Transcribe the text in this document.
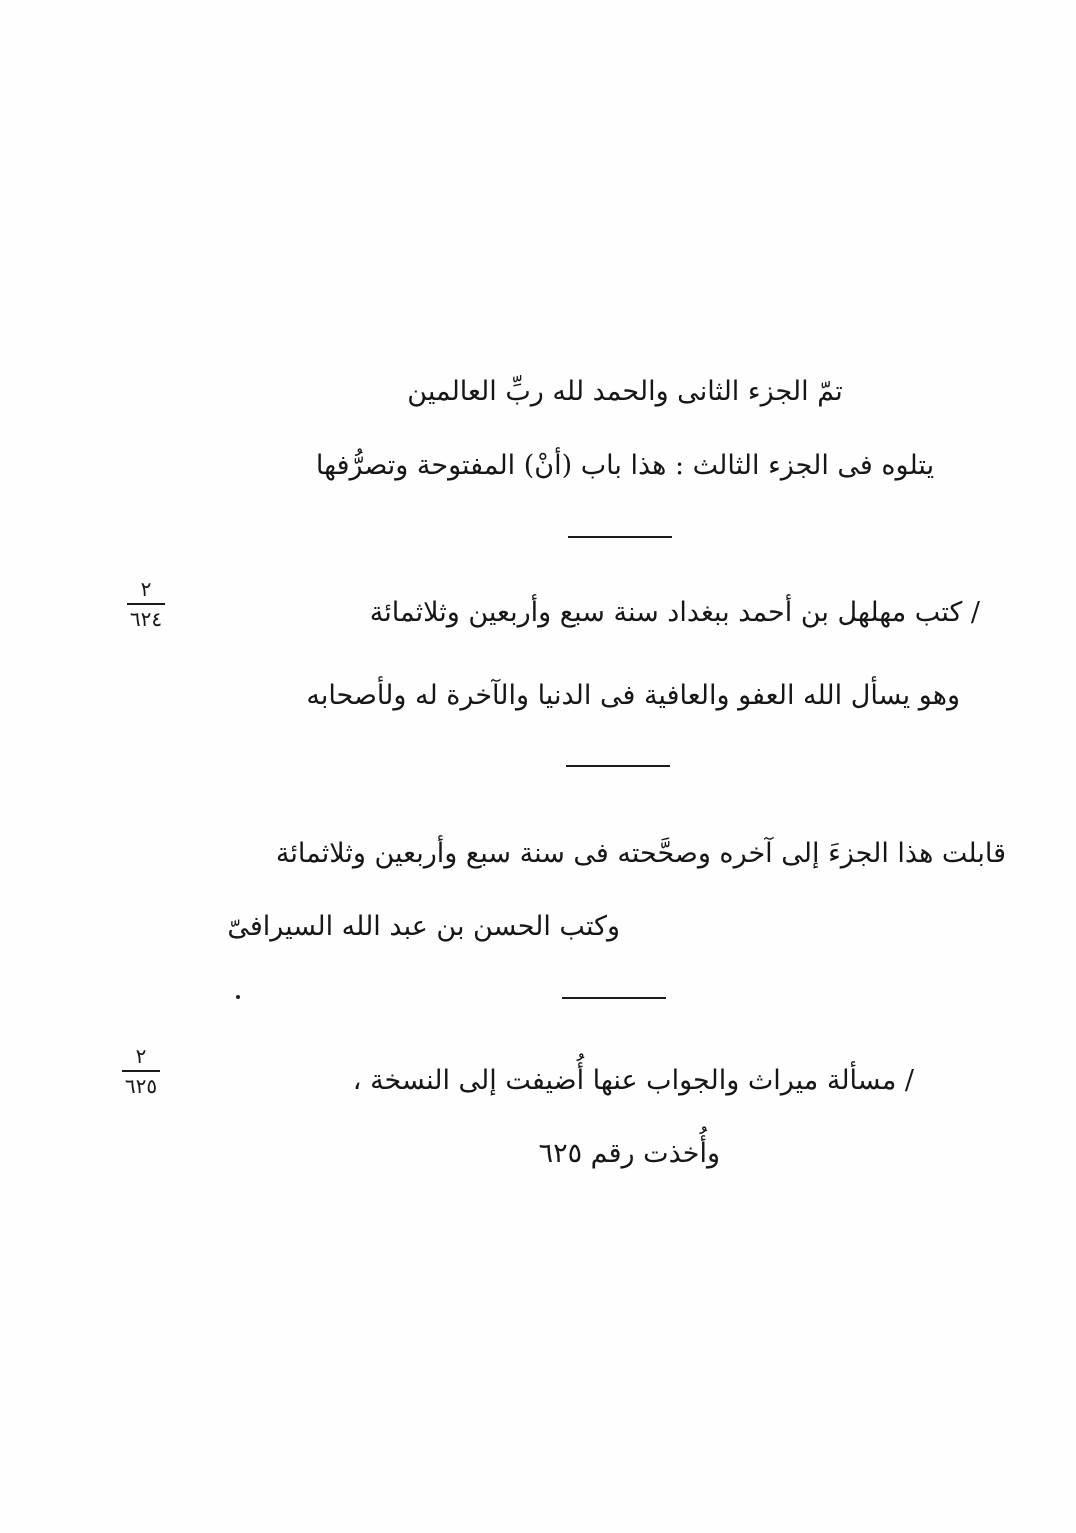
تمّ الجزء الثانى والحمد لله ربِّ العالمين
يتلوه فى الجزء الثالث : هذا باب (أنْ) المفتوحة وتصرُّفها
/ كتب مهلهل بن أحمد ببغداد سنة سبع وأربعين وثلاثمائة
وهو يسأل الله العفو والعافية فى الدنيا والآخرة له ولأصحابه
٢
٦٢٤
قابلت هذا الجزءَ إلى آخره وصحَّحته فى سنة سبع وأربعين وثلاثمائة
وكتب الحسن بن عبد الله السيرافىّ
/ مسألة ميراث والجواب عنها أُضيفت إلى النسخة ،
وأُخذت رقم ٦٢٥
٢
٦٢٥
